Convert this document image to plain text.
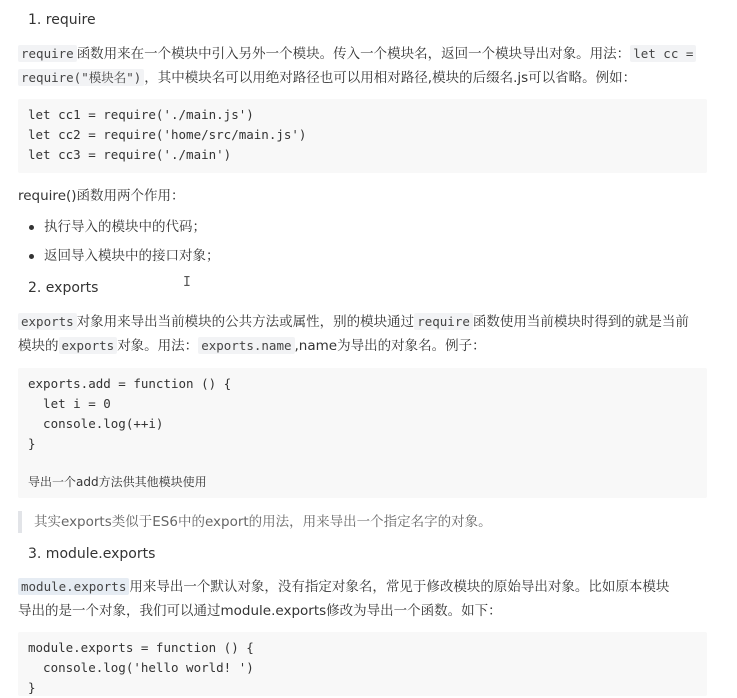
1. require
require 函数用来在一个模块中引入另外一个模块。传入一个模块名，返回一个模块导出对象。用法： let cc =
require("模块名") ，其中模块名可以用绝对路径也可以用相对路径,模块的后缀名.js可以省略。例如：
let cc1 = require('./main.js')
let cc2 = require('home/src/main.js')
let cc3 = require('./main')
require()函数用两个作用：
执行导入的模块中的代码；
返回导入模块中的接口对象；
I
2. exports
exports 对象用来导出当前模块的公共方法或属性，别的模块通过 require 函数使用当前模块时得到的就是当前
模块的 exports 对象。用法： exports.name ,name为导出的对象名。例子：
exports.add = function () {
let i = 0
console.log(++i)
}
导出一个add方法供其他模块使用
其实exports类似于ES6中的export的用法，用来导出一个指定名字的对象。
3. module.exports
module.exports 用来导出一个默认对象，没有指定对象名，常见于修改模块的原始导出对象。比如原本模块
导出的是一个对象，我们可以通过module.exports修改为导出一个函数。如下：
module.exports = function () {
console.log('hello world! ')
}
